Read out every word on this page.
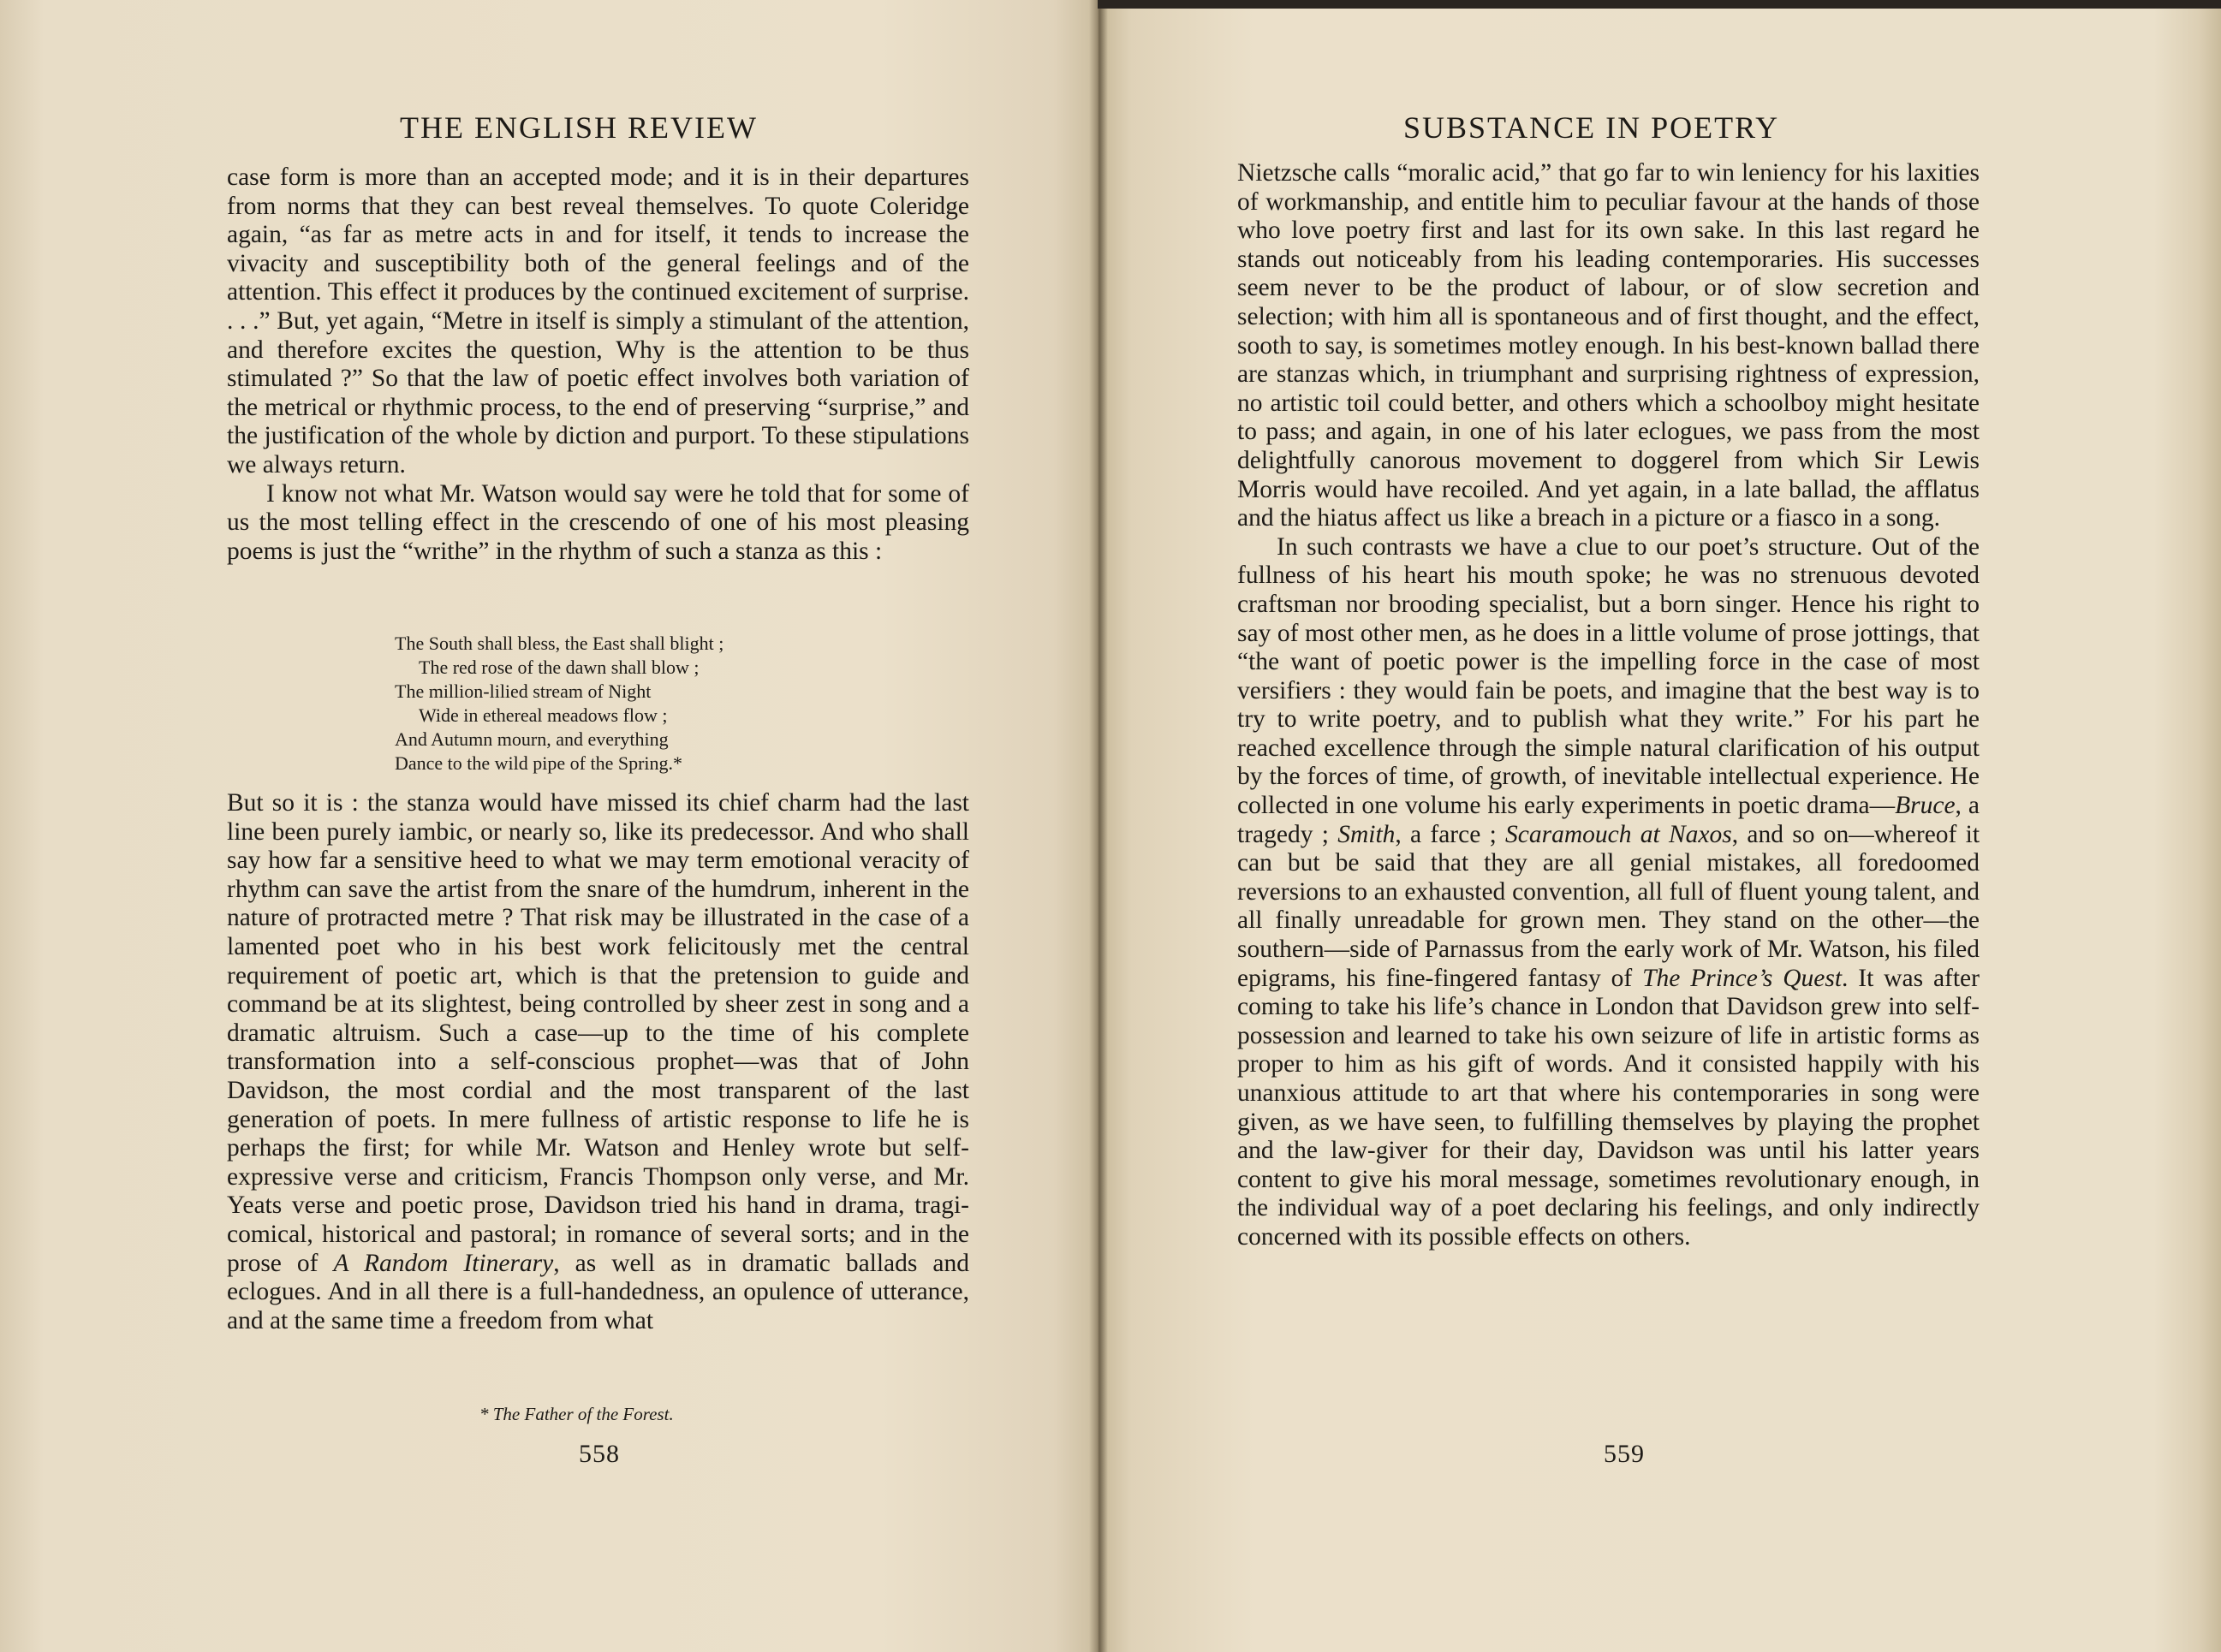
THE ENGLISH REVIEW

case form is more than an accepted mode; and it is in their departures from norms that they can best reveal themselves. To quote Coleridge again, “as far as metre acts in and for itself, it tends to increase the vivacity and susceptibility both of the general feelings and of the attention. This effect it produces by the continued excitement of surprise. . . .” But, yet again, “Metre in itself is simply a stimulant of the attention, and therefore excites the question, Why is the attention to be thus stimulated ?” So that the law of poetic effect involves both variation of the metrical or rhythmic process, to the end of preserving “surprise,” and the justification of the whole by diction and purport. To these stipulations we always return.

I know not what Mr. Watson would say were he told that for some of us the most telling effect in the crescendo of one of his most pleasing poems is just the “writhe” in the rhythm of such a stanza as this :

The South shall bless, the East shall blight ;
The red rose of the dawn shall blow ;
The million-lilied stream of Night
Wide in ethereal meadows flow ;
And Autumn mourn, and everything
Dance to the wild pipe of the Spring.*

But so it is : the stanza would have missed its chief charm had the last line been purely iambic, or nearly so, like its predecessor. And who shall say how far a sensitive heed to what we may term emotional veracity of rhythm can save the artist from the snare of the humdrum, inherent in the nature of protracted metre ? That risk may be illustrated in the case of a lamented poet who in his best work felicitously met the central requirement of poetic art, which is that the pretension to guide and command be at its slightest, being controlled by sheer zest in song and a dramatic altruism. Such a case—up to the time of his complete transformation into a self-conscious prophet—was that of John Davidson, the most cordial and the most transparent of the last generation of poets. In mere fullness of artistic response to life he is perhaps the first; for while Mr. Watson and Henley wrote but self-expressive verse and criticism, Francis Thompson only verse, and Mr. Yeats verse and poetic prose, Davidson tried his hand in drama, tragi-comical, historical and pastoral; in romance of several sorts; and in the prose of A Random Itinerary, as well as in dramatic ballads and eclogues. And in all there is a full-handedness, an opulence of utterance, and at the same time a freedom from what

* The Father of the Forest.

558

SUBSTANCE IN POETRY

Nietzsche calls “moralic acid,” that go far to win leniency for his laxities of workmanship, and entitle him to peculiar favour at the hands of those who love poetry first and last for its own sake. In this last regard he stands out noticeably from his leading contemporaries. His successes seem never to be the product of labour, or of slow secretion and selection; with him all is spontaneous and of first thought, and the effect, sooth to say, is sometimes motley enough. In his best-known ballad there are stanzas which, in triumphant and surprising rightness of expression, no artistic toil could better, and others which a schoolboy might hesitate to pass; and again, in one of his later eclogues, we pass from the most delightfully canorous movement to doggerel from which Sir Lewis Morris would have recoiled. And yet again, in a late ballad, the afflatus and the hiatus affect us like a breach in a picture or a fiasco in a song.

In such contrasts we have a clue to our poet’s structure. Out of the fullness of his heart his mouth spoke; he was no strenuous devoted craftsman nor brooding specialist, but a born singer. Hence his right to say of most other men, as he does in a little volume of prose jottings, that “the want of poetic power is the impelling force in the case of most versifiers : they would fain be poets, and imagine that the best way is to try to write poetry, and to publish what they write.” For his part he reached excellence through the simple natural clarification of his output by the forces of time, of growth, of inevitable intellectual experience. He collected in one volume his early experiments in poetic drama—Bruce, a tragedy ; Smith, a farce ; Scaramouch at Naxos, and so on—whereof it can but be said that they are all genial mistakes, all foredoomed reversions to an exhausted convention, all full of fluent young talent, and all finally unreadable for grown men. They stand on the other—the southern—side of Parnassus from the early work of Mr. Watson, his filed epigrams, his fine-fingered fantasy of The Prince’s Quest. It was after coming to take his life’s chance in London that Davidson grew into self-possession and learned to take his own seizure of life in artistic forms as proper to him as his gift of words. And it consisted happily with his unanxious attitude to art that where his contemporaries in song were given, as we have seen, to fulfilling themselves by playing the prophet and the law-giver for their day, Davidson was until his latter years content to give his moral message, sometimes revolutionary enough, in the individual way of a poet declaring his feelings, and only indirectly concerned with its possible effects on others.

559
